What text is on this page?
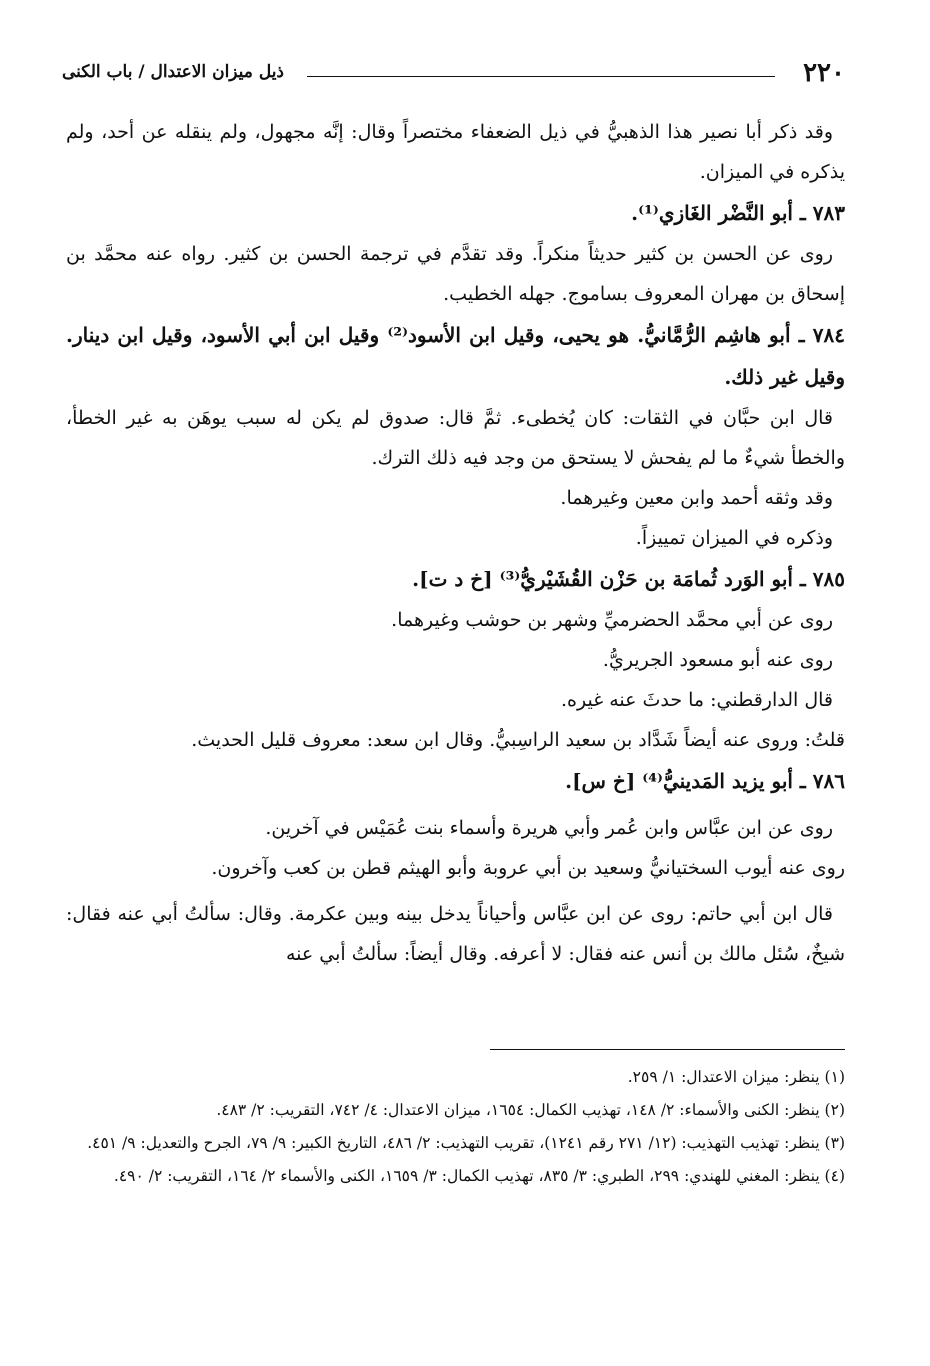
٢٢٠
ذيل ميزان الاعتدال / باب الكنى

وقد ذكر أبا نصير هذا الذهبيُّ في ذيل الضعفاء مختصراً وقال: إنَّه مجهول، ولم ينقله عن أحد، ولم يذكره في الميزان.

٧٨٣ ـ أبو النَّضْر الغَازي⁽¹⁾.

روى عن الحسن بن كثير حديثاً منكراً. وقد تقدَّم في ترجمة الحسن بن كثير. رواه عنه محمَّد بن إسحاق بن مهران المعروف بساموج. جهله الخطيب.

٧٨٤ ـ أبو هاشِم الرُّمَّانيُّ. هو يحيى، وقيل ابن الأسود⁽²⁾ وقيل ابن أبي الأسود، وقيل ابن دينار. وقيل غير ذلك.

قال ابن حبَّان في الثقات: كان يُخطىء. ثمَّ قال: صدوق لم يكن له سبب يوهَن به غير الخطأ، والخطأ شيءٌ ما لم يفحش لا يستحق من وجد فيه ذلك الترك.

وقد وثقه أحمد وابن معين وغيرهما.

وذكره في الميزان تمييزاً.

٧٨٥ ـ أبو الوَرد ثُمامَة بن حَزْن القُشَيْريُّ⁽³⁾ [خ د ت].

روى عن أبي محمَّد الحضرميِّ وشهر بن حوشب وغيرهما.

روى عنه أبو مسعود الجريريُّ.

قال الدارقطني: ما حدثَ عنه غيره.

قلتُ: وروى عنه أيضاً شَدَّاد بن سعيد الراسِبيُّ. وقال ابن سعد: معروف قليل الحديث.

٧٨٦ ـ أبو يزيد المَدينيُّ⁽⁴⁾ [خ س].

روى عن ابن عبَّاس وابن عُمر وأبي هريرة وأسماء بنت عُمَيْس في آخرين.

روى عنه أيوب السختيانيُّ وسعيد بن أبي عروبة وأبو الهيثم قطن بن كعب وآخرون.

قال ابن أبي حاتم: روى عن ابن عبَّاس وأحياناً يدخل بينه وبين عكرمة. وقال: سألتُ أبي عنه فقال: شيخٌ، سُئل مالك بن أنس عنه فقال: لا أعرفه. وقال أيضاً: سألتُ أبي عنه

(١) ينظر: ميزان الاعتدال: ١/ ٢٥٩.

(٢) ينظر: الكنى والأسماء: ٢/ ١٤٨، تهذيب الكمال: ١٦٥٤، ميزان الاعتدال: ٤/ ٧٤٢، التقريب: ٢/ ٤٨٣.

(٣) ينظر: تهذيب التهذيب: (١٢/ ٢٧١ رقم ١٢٤١)، تقريب التهذيب: ٢/ ٤٨٦، التاريخ الكبير: ٩/ ٧٩، الجرح والتعديل: ٩/ ٤٥١.

(٤) ينظر: المغني للهندي: ٢٩٩، الطبري: ٣/ ٨٣٥، تهذيب الكمال: ٣/ ١٦٥٩، الكنى والأسماء ٢/ ١٦٤، التقريب: ٢/ ٤٩٠.
